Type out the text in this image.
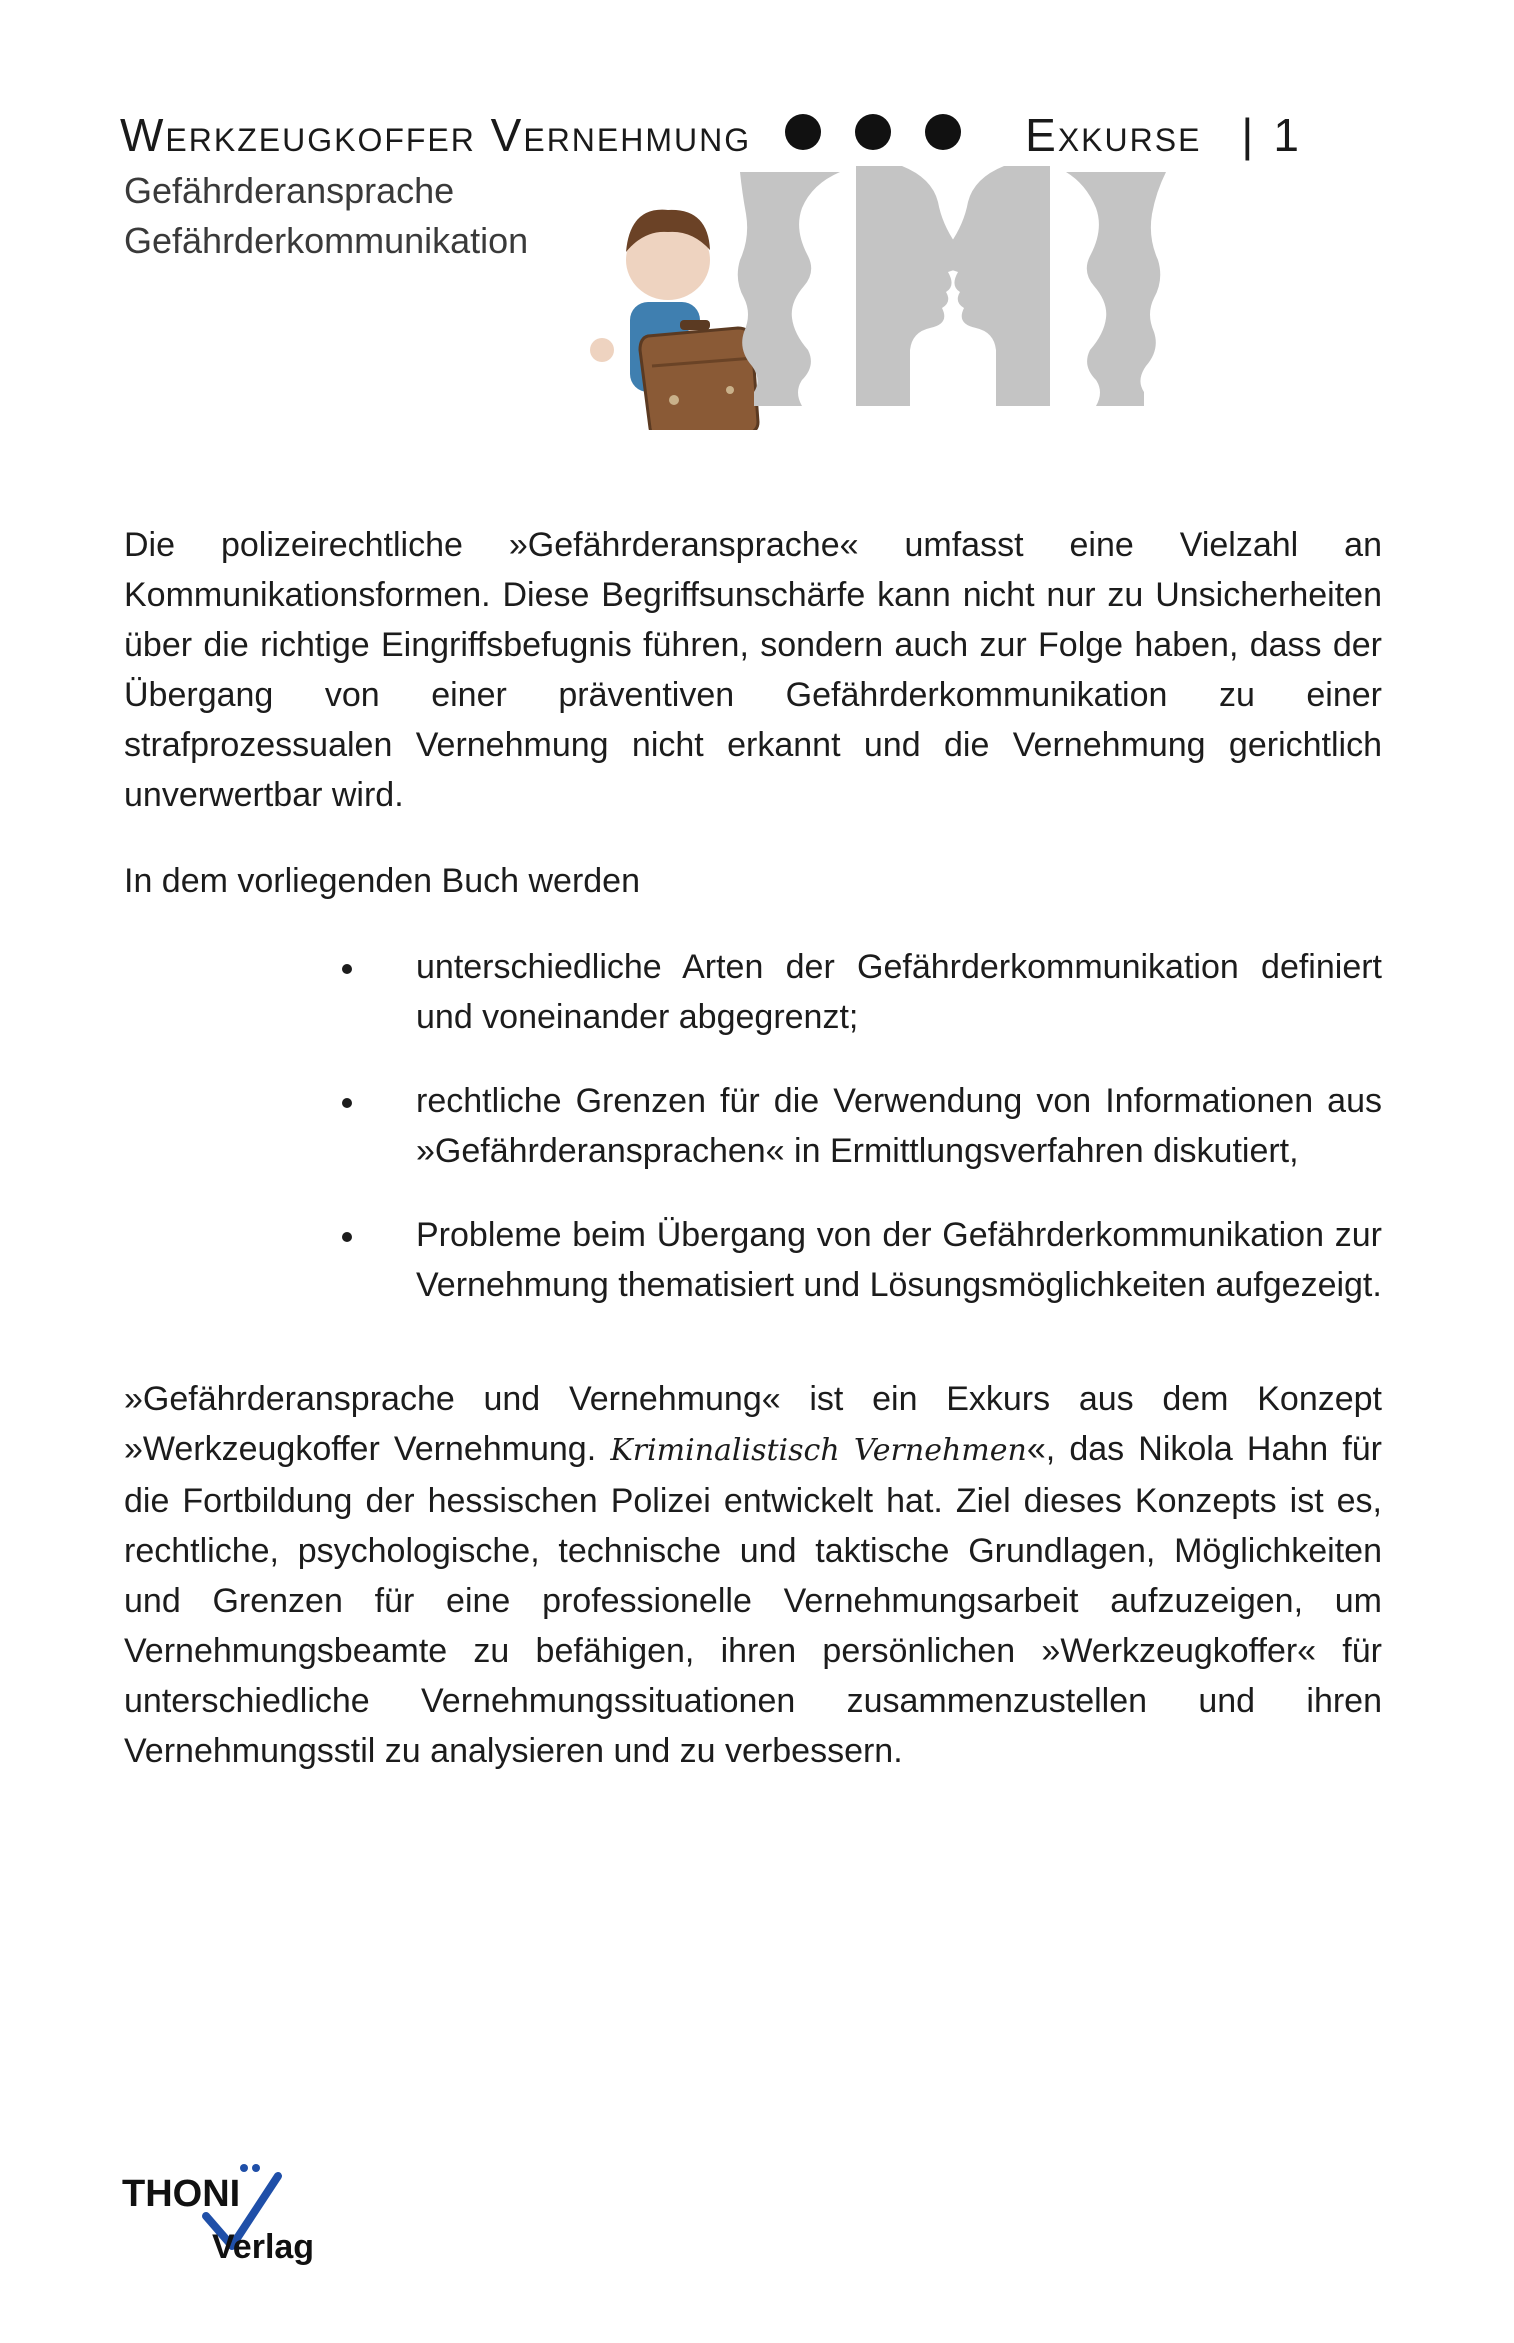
Werkzeugkoffer Vernehmung	Exkurse | 1
Gefährderansprache
Gefährderkommunikation

Die polizeirechtliche »Gefährderansprache« umfasst eine Vielzahl an Kommunikationsformen. Diese Begriffsunschärfe kann nicht nur zu Unsicherheiten über die richtige Eingriffsbefugnis führen, sondern auch zur Folge haben, dass der Übergang von einer präventiven Gefährderkommunikation zu einer strafprozessualen Vernehmung nicht erkannt und die Vernehmung gerichtlich unverwertbar wird.

In dem vorliegenden Buch werden

unterschiedliche Arten der Gefährderkommunikation definiert und voneinander abgegrenzt;
rechtliche Grenzen für die Verwendung von Informationen aus »Gefährderansprachen« in Ermittlungsverfahren diskutiert,
Probleme beim Übergang von der Gefährderkommunikation zur Vernehmung thematisiert und Lösungsmöglichkeiten aufgezeigt.

»Gefährderansprache und Vernehmung« ist ein Exkurs aus dem Konzept »Werkzeugkoffer Vernehmung. Kriminalistisch Vernehmen«, das Nikola Hahn für die Fortbildung der hessischen Polizei entwickelt hat. Ziel dieses Konzepts ist es, rechtliche, psychologische, technische und taktische Grundlagen, Möglichkeiten und Grenzen für eine professionelle Vernehmungsarbeit aufzuzeigen, um Vernehmungsbeamte zu befähigen, ihren persönlichen »Werkzeugkoffer« für unterschiedliche Vernehmungssituationen zusammenzustellen und ihren Vernehmungsstil zu analysieren und zu verbessern.

THONI
Verlag
